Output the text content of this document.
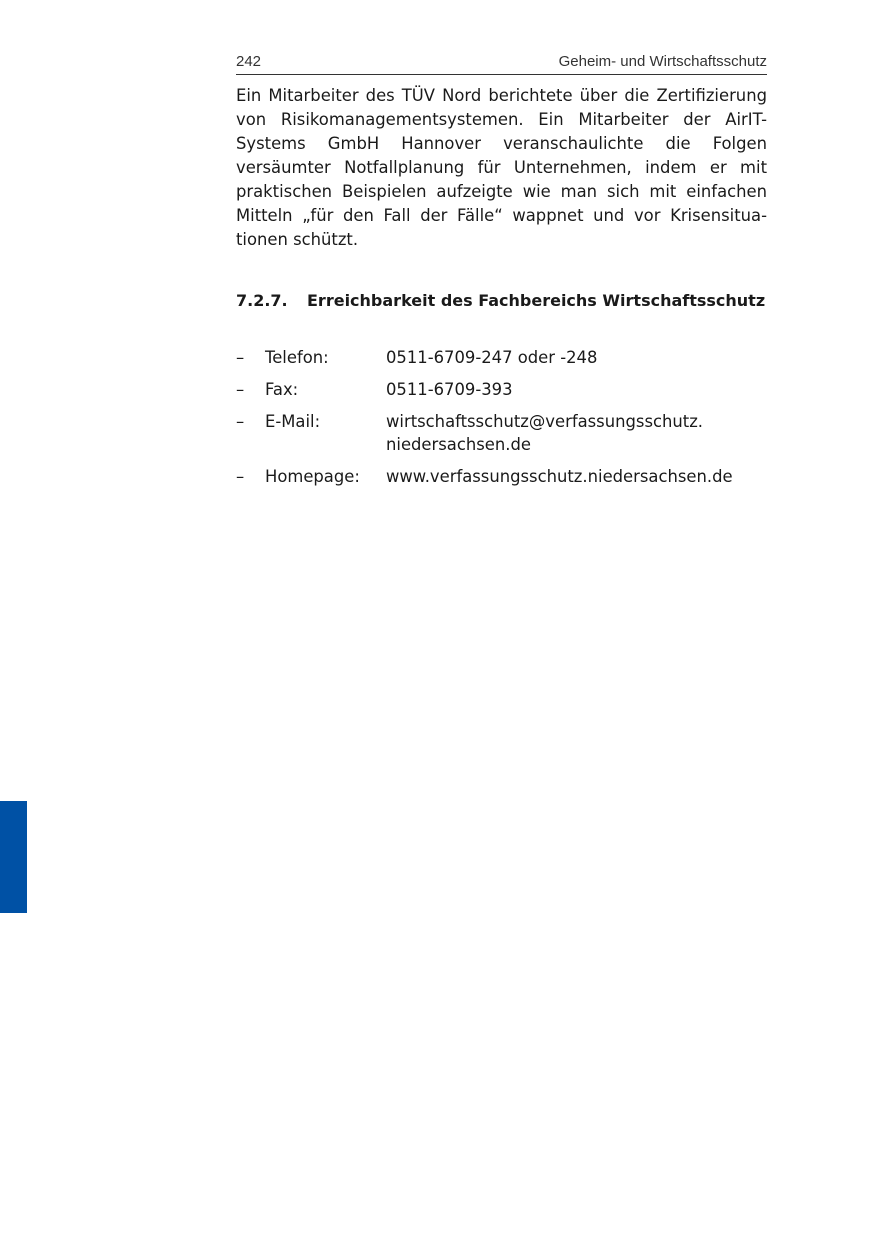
242	Geheim- und Wirtschaftsschutz

Ein Mitarbeiter des TÜV Nord berichtete über die Zertifizierung von Risikomanagementsystemen. Ein Mitarbeiter der AirIT-Systems GmbH Hannover veranschaulichte die Folgen versäumter Notfallplanung für Unternehmen, indem er mit praktischen Beispielen aufzeigte wie man sich mit einfachen Mitteln „für den Fall der Fälle“ wappnet und vor Krisensituationen schützt.

7.2.7. Erreichbarkeit des Fachbereichs Wirtschaftsschutz
– Telefon:	0511-6709-247 oder -248
– Fax:	0511-6709-393
– E-Mail:	wirtschaftsschutz@verfassungsschutz.
niedersachsen.de
– Homepage: www.verfassungsschutz.niedersachsen.de
